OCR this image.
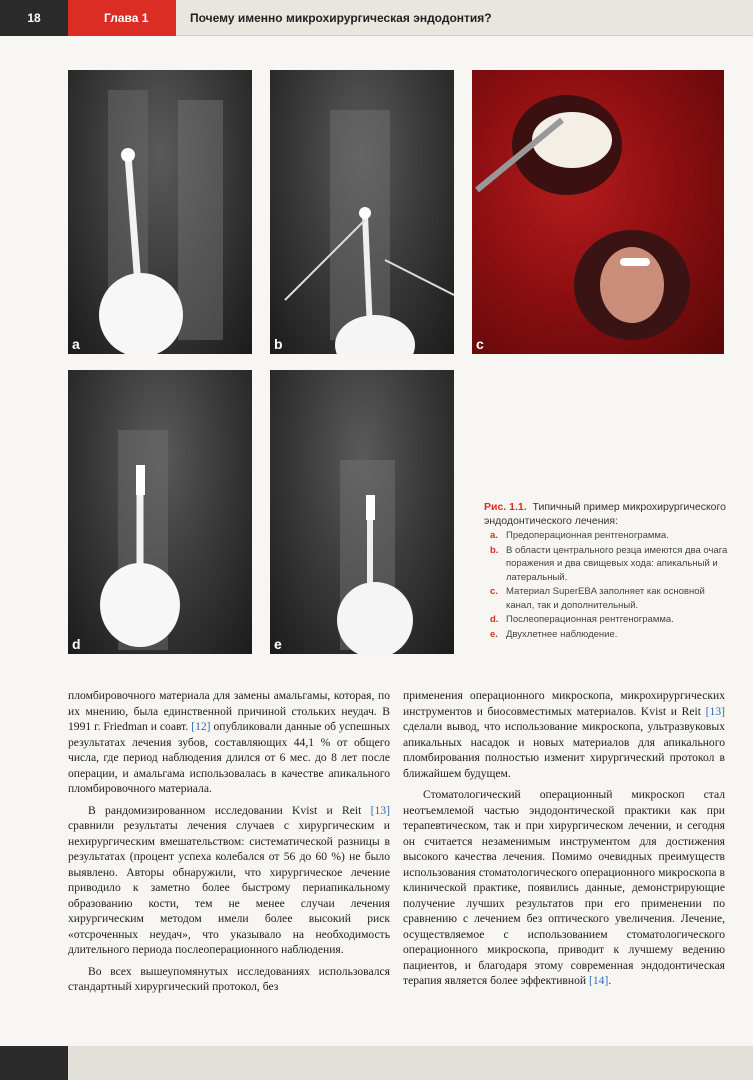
18	Глава 1	Почему именно микрохирургическая эндодонтия?
a	b	c
d	e
Рис. 1.1. Типичный пример микрохирургического эндодонтического лечения:
a. Предоперационная рентгенограмма.
b. В области центрального резца имеются два очага поражения и два свищевых хода: апикальный и латеральный.
c. Материал SuperEBA заполняет как основной канал, так и дополнительный.
d. Послеоперационная рентгенограмма.
e. Двухлетнее наблюдение.

пломбировочного материала для замены амальгамы, которая, по их мнению, была единственной причиной стольких неудач. В 1991 г. Friedman и соавт. [12] опубликовали данные об успешных результатах лечения зубов, составляющих 44,1 % от общего числа, где период наблюдения длился от 6 мес. до 8 лет после операции, и амальгама использовалась в качестве апикального пломбировочного материала.

В рандомизированном исследовании Kvist и Reit [13] сравнили результаты лечения случаев с хирургическим и нехирургическим вмешательством: систематической разницы в результатах (процент успеха колебался от 56 до 60 %) не было выявлено. Авторы обнаружили, что хирургическое лечение приводило к заметно более быстрому периапикальному образованию кости, тем не менее случаи лечения хирургическим методом имели более высокий риск «отсроченных неудач», что указывало на необходимость длительного периода послеоперационного наблюдения.

Во всех вышеупомянутых исследованиях использовался стандартный хирургический протокол, без

применения операционного микроскопа, микрохирургических инструментов и биосовместимых материалов. Kvist и Reit [13] сделали вывод, что использование микроскопа, ультразвуковых апикальных насадок и новых материалов для апикального пломбирования полностью изменит хирургический протокол в ближайшем будущем.

Стоматологический операционный микроскоп стал неотъемлемой частью эндодонтической практики как при терапевтическом, так и при хирургическом лечении, и сегодня он считается незаменимым инструментом для достижения высокого качества лечения. Помимо очевидных преимуществ использования стоматологического операционного микроскопа в клинической практике, появились данные, демонстрирующие получение лучших результатов при его применении по сравнению с лечением без оптического увеличения. Лечение, осуществляемое с использованием стоматологического операционного микроскопа, приводит к лучшему ведению пациентов, и благодаря этому современная эндодонтическая терапия является более эффективной [14].
